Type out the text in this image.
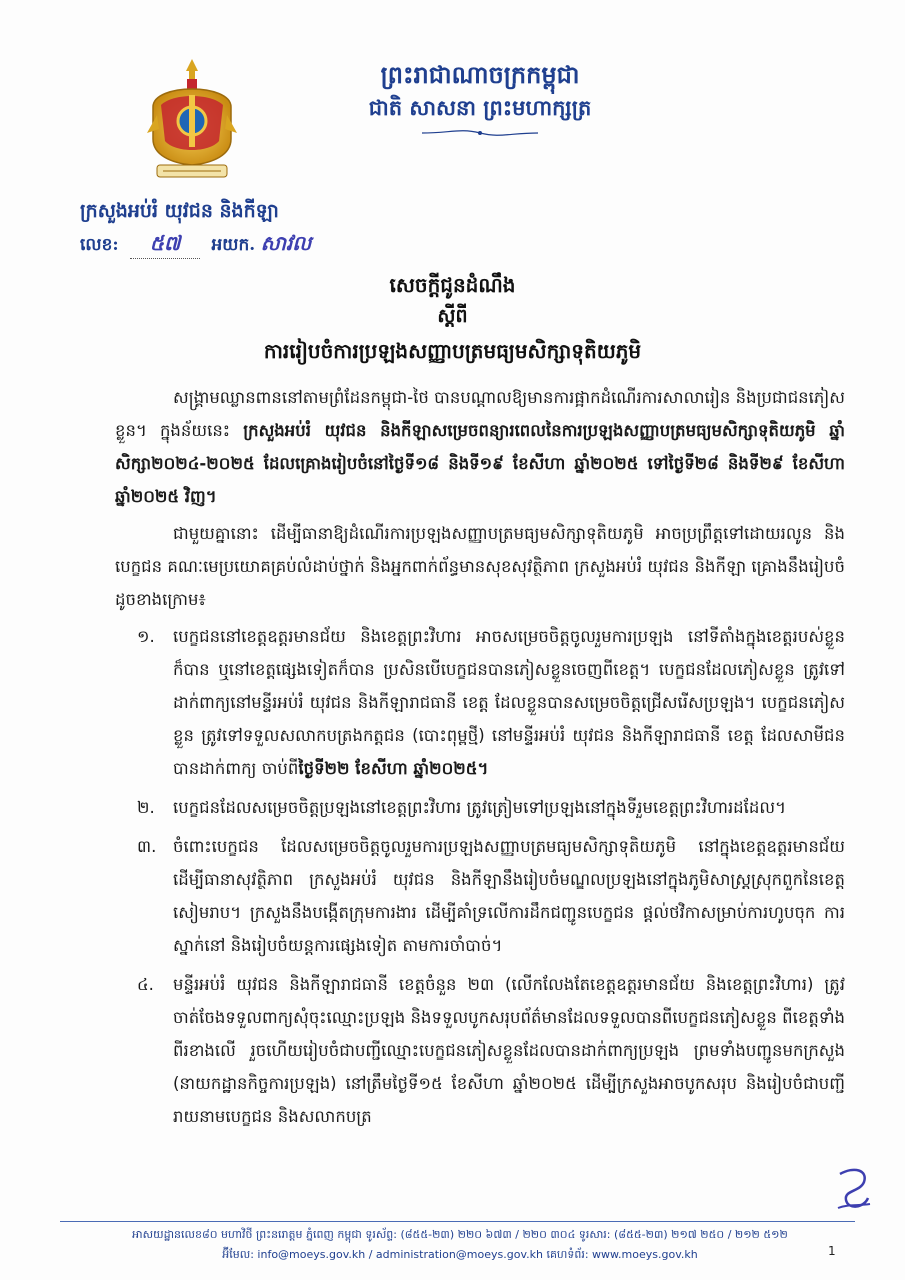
ព្រះរាជាណាចក្រកម្ពុជា
ជាតិ សាសនា ព្រះមហាក្សត្រ
ក្រសួងអប់រំ យុវជន និងកីឡា
លេខ: ៥៧ អយក. សាវល
សេចក្តីជូនដំណឹង
ស្តីពី
ការរៀបចំការប្រឡងសញ្ញាបត្រមធ្យមសិក្សាទុតិយភូមិ

សង្គ្រាមឈ្លានពាននៅតាមព្រំដែនកម្ពុជា-ថៃ បានបណ្តាលឱ្យមានការផ្អាកដំណើរការសាលារៀន និងប្រជាជនភៀសខ្លួន។ ក្នុងន័យនេះ ក្រសួងអប់រំ យុវជន និងកីឡាសម្រេចពន្យារពេលនៃការប្រឡងសញ្ញាបត្រមធ្យមសិក្សាទុតិយភូមិ ឆ្នាំសិក្សា២០២៤-២០២៥ ដែលគ្រោងរៀបចំនៅថ្ងៃទី១៨ និងទី១៩ ខែសីហា ឆ្នាំ២០២៥ ទៅថ្ងៃទី២៨ និងទី២៩ ខែសីហា ឆ្នាំ២០២៥ វិញ។

ជាមួយគ្នានោះ ដើម្បីធានាឱ្យដំណើរការប្រឡងសញ្ញាបត្រមធ្យមសិក្សាទុតិយភូមិ អាចប្រព្រឹត្តទៅដោយរលូន និងបេក្ខជន គណៈមេប្រយោគគ្រប់លំដាប់ថ្នាក់ និងអ្នកពាក់ព័ន្ធមានសុខសុវត្ថិភាព ក្រសួងអប់រំ យុវជន និងកីឡា គ្រោងនឹងរៀបចំដូចខាងក្រោម៖

១. បេក្ខជននៅខេត្តឧត្តរមានជ័យ និងខេត្តព្រះវិហារ អាចសម្រេចចិត្តចូលរួមការប្រឡង នៅទីតាំងក្នុងខេត្តរបស់ខ្លួនក៏បាន ឬនៅខេត្តផ្សេងទៀតក៏បាន ប្រសិនបើបេក្ខជនបានភៀសខ្លួនចេញពីខេត្ត។ បេក្ខជនដែលភៀសខ្លួន ត្រូវទៅដាក់ពាក្យនៅមន្ទីរអប់រំ យុវជន និងកីឡារាជធានី ខេត្ត ដែលខ្លួនបានសម្រេចចិត្តជ្រើសរើសប្រឡង។ បេក្ខជនភៀសខ្លួន ត្រូវទៅទទួលសលាកបត្រងកត្តជន (បោះពុម្ពថ្មី) នៅមន្ទីរអប់រំ យុវជន និងកីឡារាជធានី ខេត្ត ដែលសាមីជនបានដាក់ពាក្យ ចាប់ពីថ្ងៃទី២២ ខែសីហា ឆ្នាំ២០២៥។
២. បេក្ខជនដែលសម្រេចចិត្តប្រឡងនៅខេត្តព្រះវិហារ ត្រូវត្រៀមទៅប្រឡងនៅក្នុងទីរួមខេត្តព្រះវិហារដដែល។
៣. ចំពោះបេក្ខជន ដែលសម្រេចចិត្តចូលរួមការប្រឡងសញ្ញាបត្រមធ្យមសិក្សាទុតិយភូមិ នៅក្នុងខេត្តឧត្តរមានជ័យ ដើម្បីធានាសុវត្ថិភាព ក្រសួងអប់រំ យុវជន និងកីឡានឹងរៀបចំមណ្ឌលប្រឡងនៅក្នុងភូមិសាស្ត្រស្រុកពួកនៃខេត្តសៀមរាប។ ក្រសួងនឹងបង្កើតក្រុមការងារ ដើម្បីគាំទ្រលើការដឹកជញ្ជូនបេក្ខជន ផ្តល់ថវិកាសម្រាប់ការហូបចុក ការស្នាក់នៅ និងរៀបចំយន្តការផ្សេងទៀត តាមការចាំបាច់។
៤. មន្ទីរអប់រំ យុវជន និងកីឡារាជធានី ខេត្តចំនួន ២៣ (លើកលែងតែខេត្តឧត្តរមានជ័យ និងខេត្តព្រះវិហារ) ត្រូវចាត់ចែងទទួលពាក្យសុំចុះឈ្មោះប្រឡង និងទទួលបូកសរុបព័ត៌មានដែលទទួលបានពីបេក្ខជនភៀសខ្លួន ពីខេត្តទាំងពីរខាងលើ រួចហើយរៀបចំជាបញ្ជីឈ្មោះបេក្ខជនភៀសខ្លួនដែលបានដាក់ពាក្យប្រឡង ព្រមទាំងបញ្ជូនមកក្រសួង (នាយកដ្ឋានកិច្ចការប្រឡង) នៅត្រឹមថ្ងៃទី១៥ ខែសីហា ឆ្នាំ២០២៥ ដើម្បីក្រសួងអាចបូកសរុប និងរៀបចំជាបញ្ជីរាយនាមបេក្ខជន និងសលាកបត្រ
អាសយដ្ឋានលេខ៨០ មហាវិថី ព្រះនរោត្តម ភ្នំពេញ កម្ពុជា ទូរស័ព្ទ: (៨៥៥-២៣) ២២០ ៦៧៣ / ២២០ ៣០៤ ទូរសារ: (៨៥៥-២៣) ២១៧ ២៥០ / ២១២ ៥១២
អ៊ីមែល: info@moeys.gov.kh / administration@moeys.gov.kh គេហទំព័រ: www.moeys.gov.kh	1
